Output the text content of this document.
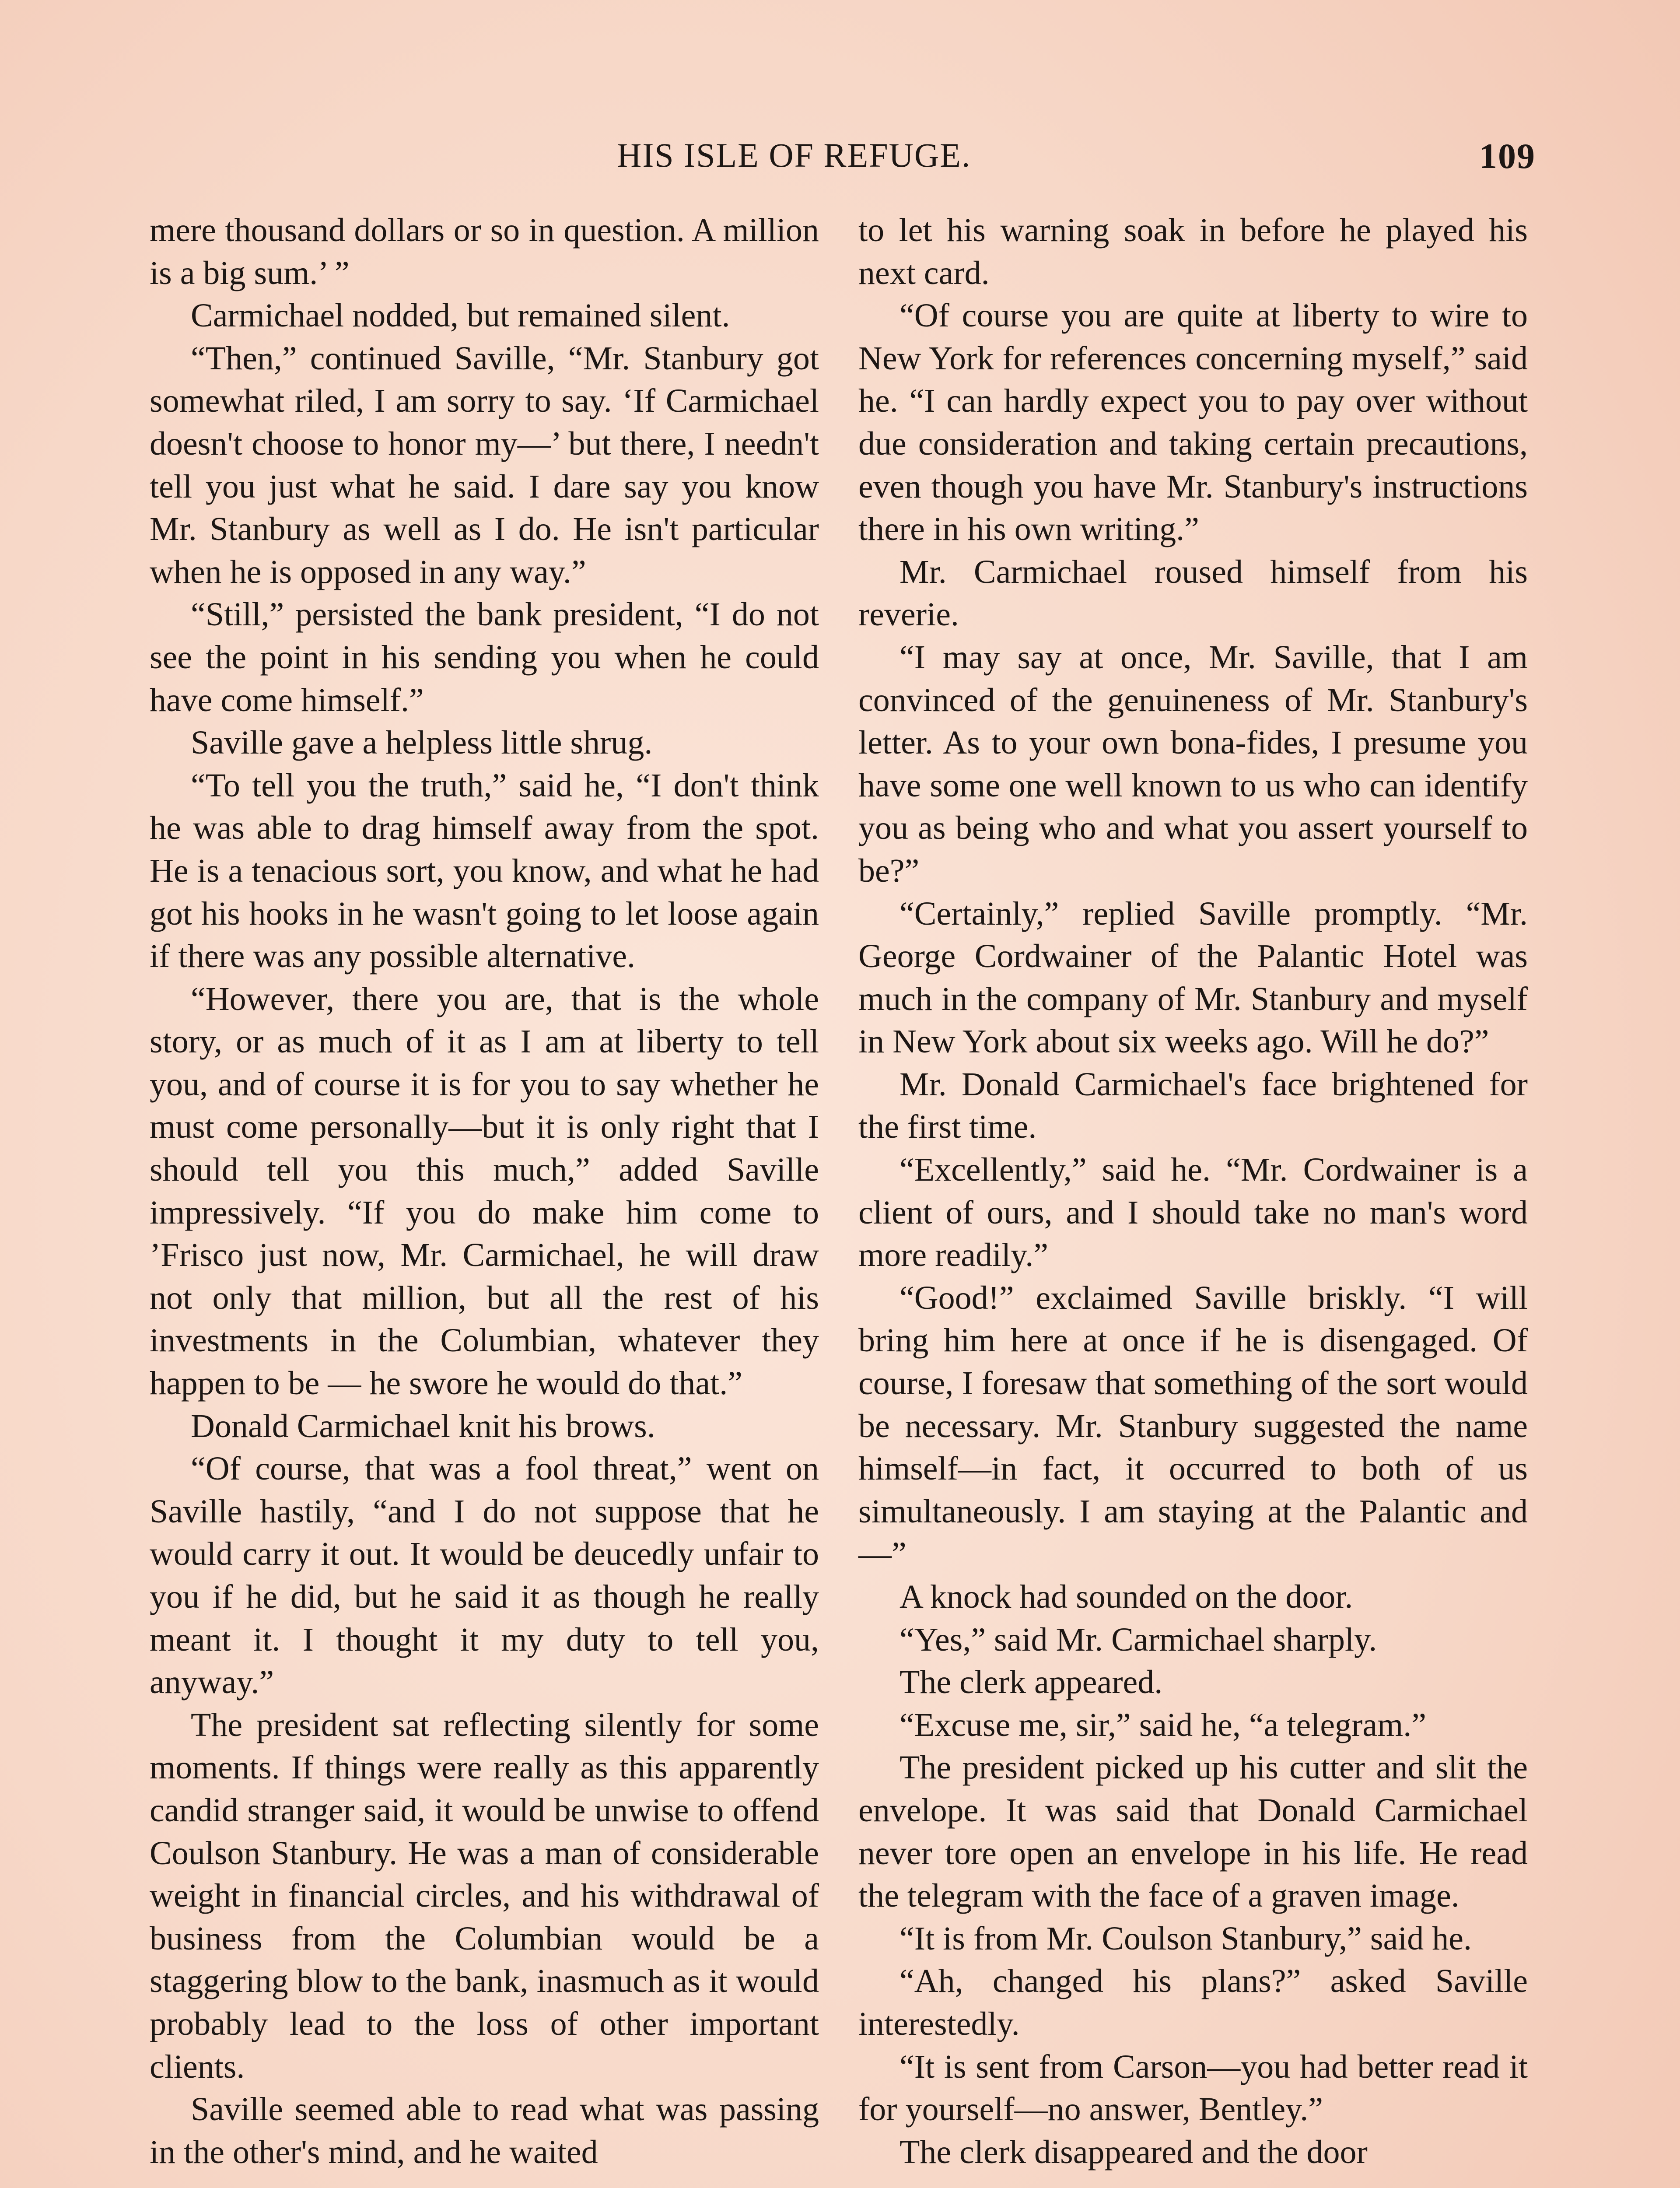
HIS ISLE OF REFUGE.	109

mere thousand dollars or so in question. A million is a big sum.’ ”

Carmichael nodded, but remained silent.

“Then,” continued Saville, “Mr. Stanbury got somewhat riled, I am sorry to say. ‘If Carmichael doesn't choose to honor my—’ but there, I needn't tell you just what he said. I dare say you know Mr. Stanbury as well as I do. He isn't particular when he is opposed in any way.”

“Still,” persisted the bank president, “I do not see the point in his sending you when he could have come himself.”

Saville gave a helpless little shrug.

“To tell you the truth,” said he, “I don't think he was able to drag himself away from the spot. He is a tenacious sort, you know, and what he had got his hooks in he wasn't going to let loose again if there was any possible alternative.

“However, there you are, that is the whole story, or as much of it as I am at liberty to tell you, and of course it is for you to say whether he must come personally—but it is only right that I should tell you this much,” added Saville impressively. “If you do make him come to ’Frisco just now, Mr. Carmichael, he will draw not only that million, but all the rest of his investments in the Columbian, whatever they happen to be — he swore he would do that.”

Donald Carmichael knit his brows.

“Of course, that was a fool threat,” went on Saville hastily, “and I do not suppose that he would carry it out. It would be deucedly unfair to you if he did, but he said it as though he really meant it. I thought it my duty to tell you, anyway.”

The president sat reflecting silently for some moments. If things were really as this apparently candid stranger said, it would be unwise to offend Coulson Stanbury. He was a man of considerable weight in financial circles, and his withdrawal of business from the Columbian would be a staggering blow to the bank, inasmuch as it would probably lead to the loss of other important clients.

Saville seemed able to read what was passing in the other's mind, and he waited

to let his warning soak in before he played his next card.

“Of course you are quite at liberty to wire to New York for references concerning myself,” said he. “I can hardly expect you to pay over without due consideration and taking certain precautions, even though you have Mr. Stanbury's instructions there in his own writing.”

Mr. Carmichael roused himself from his reverie.

“I may say at once, Mr. Saville, that I am convinced of the genuineness of Mr. Stanbury's letter. As to your own bona-fides, I presume you have some one well known to us who can identify you as being who and what you assert yourself to be?”

“Certainly,” replied Saville promptly. “Mr. George Cordwainer of the Palantic Hotel was much in the company of Mr. Stanbury and myself in New York about six weeks ago. Will he do?”

Mr. Donald Carmichael's face brightened for the first time.

“Excellently,” said he. “Mr. Cordwainer is a client of ours, and I should take no man's word more readily.”

“Good!” exclaimed Saville briskly. “I will bring him here at once if he is disengaged. Of course, I foresaw that something of the sort would be necessary. Mr. Stanbury suggested the name himself—in fact, it occurred to both of us simultaneously. I am staying at the Palantic and—”

A knock had sounded on the door.

“Yes,” said Mr. Carmichael sharply.

The clerk appeared.

“Excuse me, sir,” said he, “a telegram.”

The president picked up his cutter and slit the envelope. It was said that Donald Carmichael never tore open an envelope in his life. He read the telegram with the face of a graven image.

“It is from Mr. Coulson Stanbury,” said he.

“Ah, changed his plans?” asked Saville interestedly.

“It is sent from Carson—you had better read it for yourself—no answer, Bentley.”

The clerk disappeared and the door
